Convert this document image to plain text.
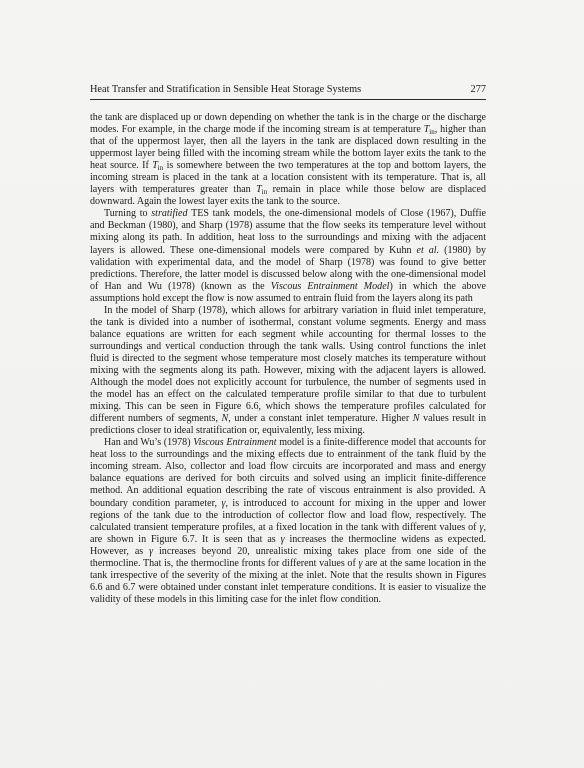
Heat Transfer and Stratification in Sensible Heat Storage Systems	277

the tank are displaced up or down depending on whether the tank is in the charge or the discharge modes. For example, in the charge mode if the incoming stream is at temperature $T_{in}$, higher than that of the uppermost layer, then all the layers in the tank are displaced down resulting in the uppermost layer being filled with the incoming stream while the bottom layer exits the tank to the heat source. If $T_{in}$ is somewhere between the two temperatures at the top and bottom layers, the incoming stream is placed in the tank at a location consistent with its temperature. That is, all layers with temperatures greater than $T_{in}$ remain in place while those below are displaced downward. Again the lowest layer exits the tank to the source.

Turning to stratified TES tank models, the one-dimensional models of Close (1967), Duffie and Beckman (1980), and Sharp (1978) assume that the flow seeks its temperature level without mixing along its path. In addition, heat loss to the surroundings and mixing with the adjacent layers is allowed. These one-dimensional models were compared by Kuhn et al. (1980) by validation with experimental data, and the model of Sharp (1978) was found to give better predictions. Therefore, the latter model is discussed below along with the one-dimensional model of Han and Wu (1978) (known as the Viscous Entrainment Model) in which the above assumptions hold except the flow is now assumed to entrain fluid from the layers along its path

In the model of Sharp (1978), which allows for arbitrary variation in fluid inlet temperature, the tank is divided into a number of isothermal, constant volume segments. Energy and mass balance equations are written for each segment while accounting for thermal losses to the surroundings and vertical conduction through the tank walls. Using control functions the inlet fluid is directed to the segment whose temperature most closely matches its temperature without mixing with the segments along its path. However, mixing with the adjacent layers is allowed. Although the model does not explicitly account for turbulence, the number of segments used in the model has an effect on the calculated temperature profile similar to that due to turbulent mixing. This can be seen in Figure 6.6, which shows the temperature profiles calculated for different numbers of segments, N, under a constant inlet temperature. Higher N values result in predictions closer to ideal stratification or, equivalently, less mixing.

Han and Wu’s (1978) Viscous Entrainment model is a finite-difference model that accounts for heat loss to the surroundings and the mixing effects due to entrainment of the tank fluid by the incoming stream. Also, collector and load flow circuits are incorporated and mass and energy balance equations are derived for both circuits and solved using an implicit finite-difference method. An additional equation describing the rate of viscous entrainment is also provided. A boundary condition parameter, γ, is introduced to account for mixing in the upper and lower regions of the tank due to the introduction of collector flow and load flow, respectively. The calculated transient temperature profiles, at a fixed location in the tank with different values of γ, are shown in Figure 6.7. It is seen that as γ increases the thermocline widens as expected. However, as γ increases beyond 20, unrealistic mixing takes place from one side of the thermocline. That is, the thermocline fronts for different values of γ are at the same location in the tank irrespective of the severity of the mixing at the inlet. Note that the results shown in Figures 6.6 and 6.7 were obtained under constant inlet temperature conditions. It is easier to visualize the validity of these models in this limiting case for the inlet flow condition.
